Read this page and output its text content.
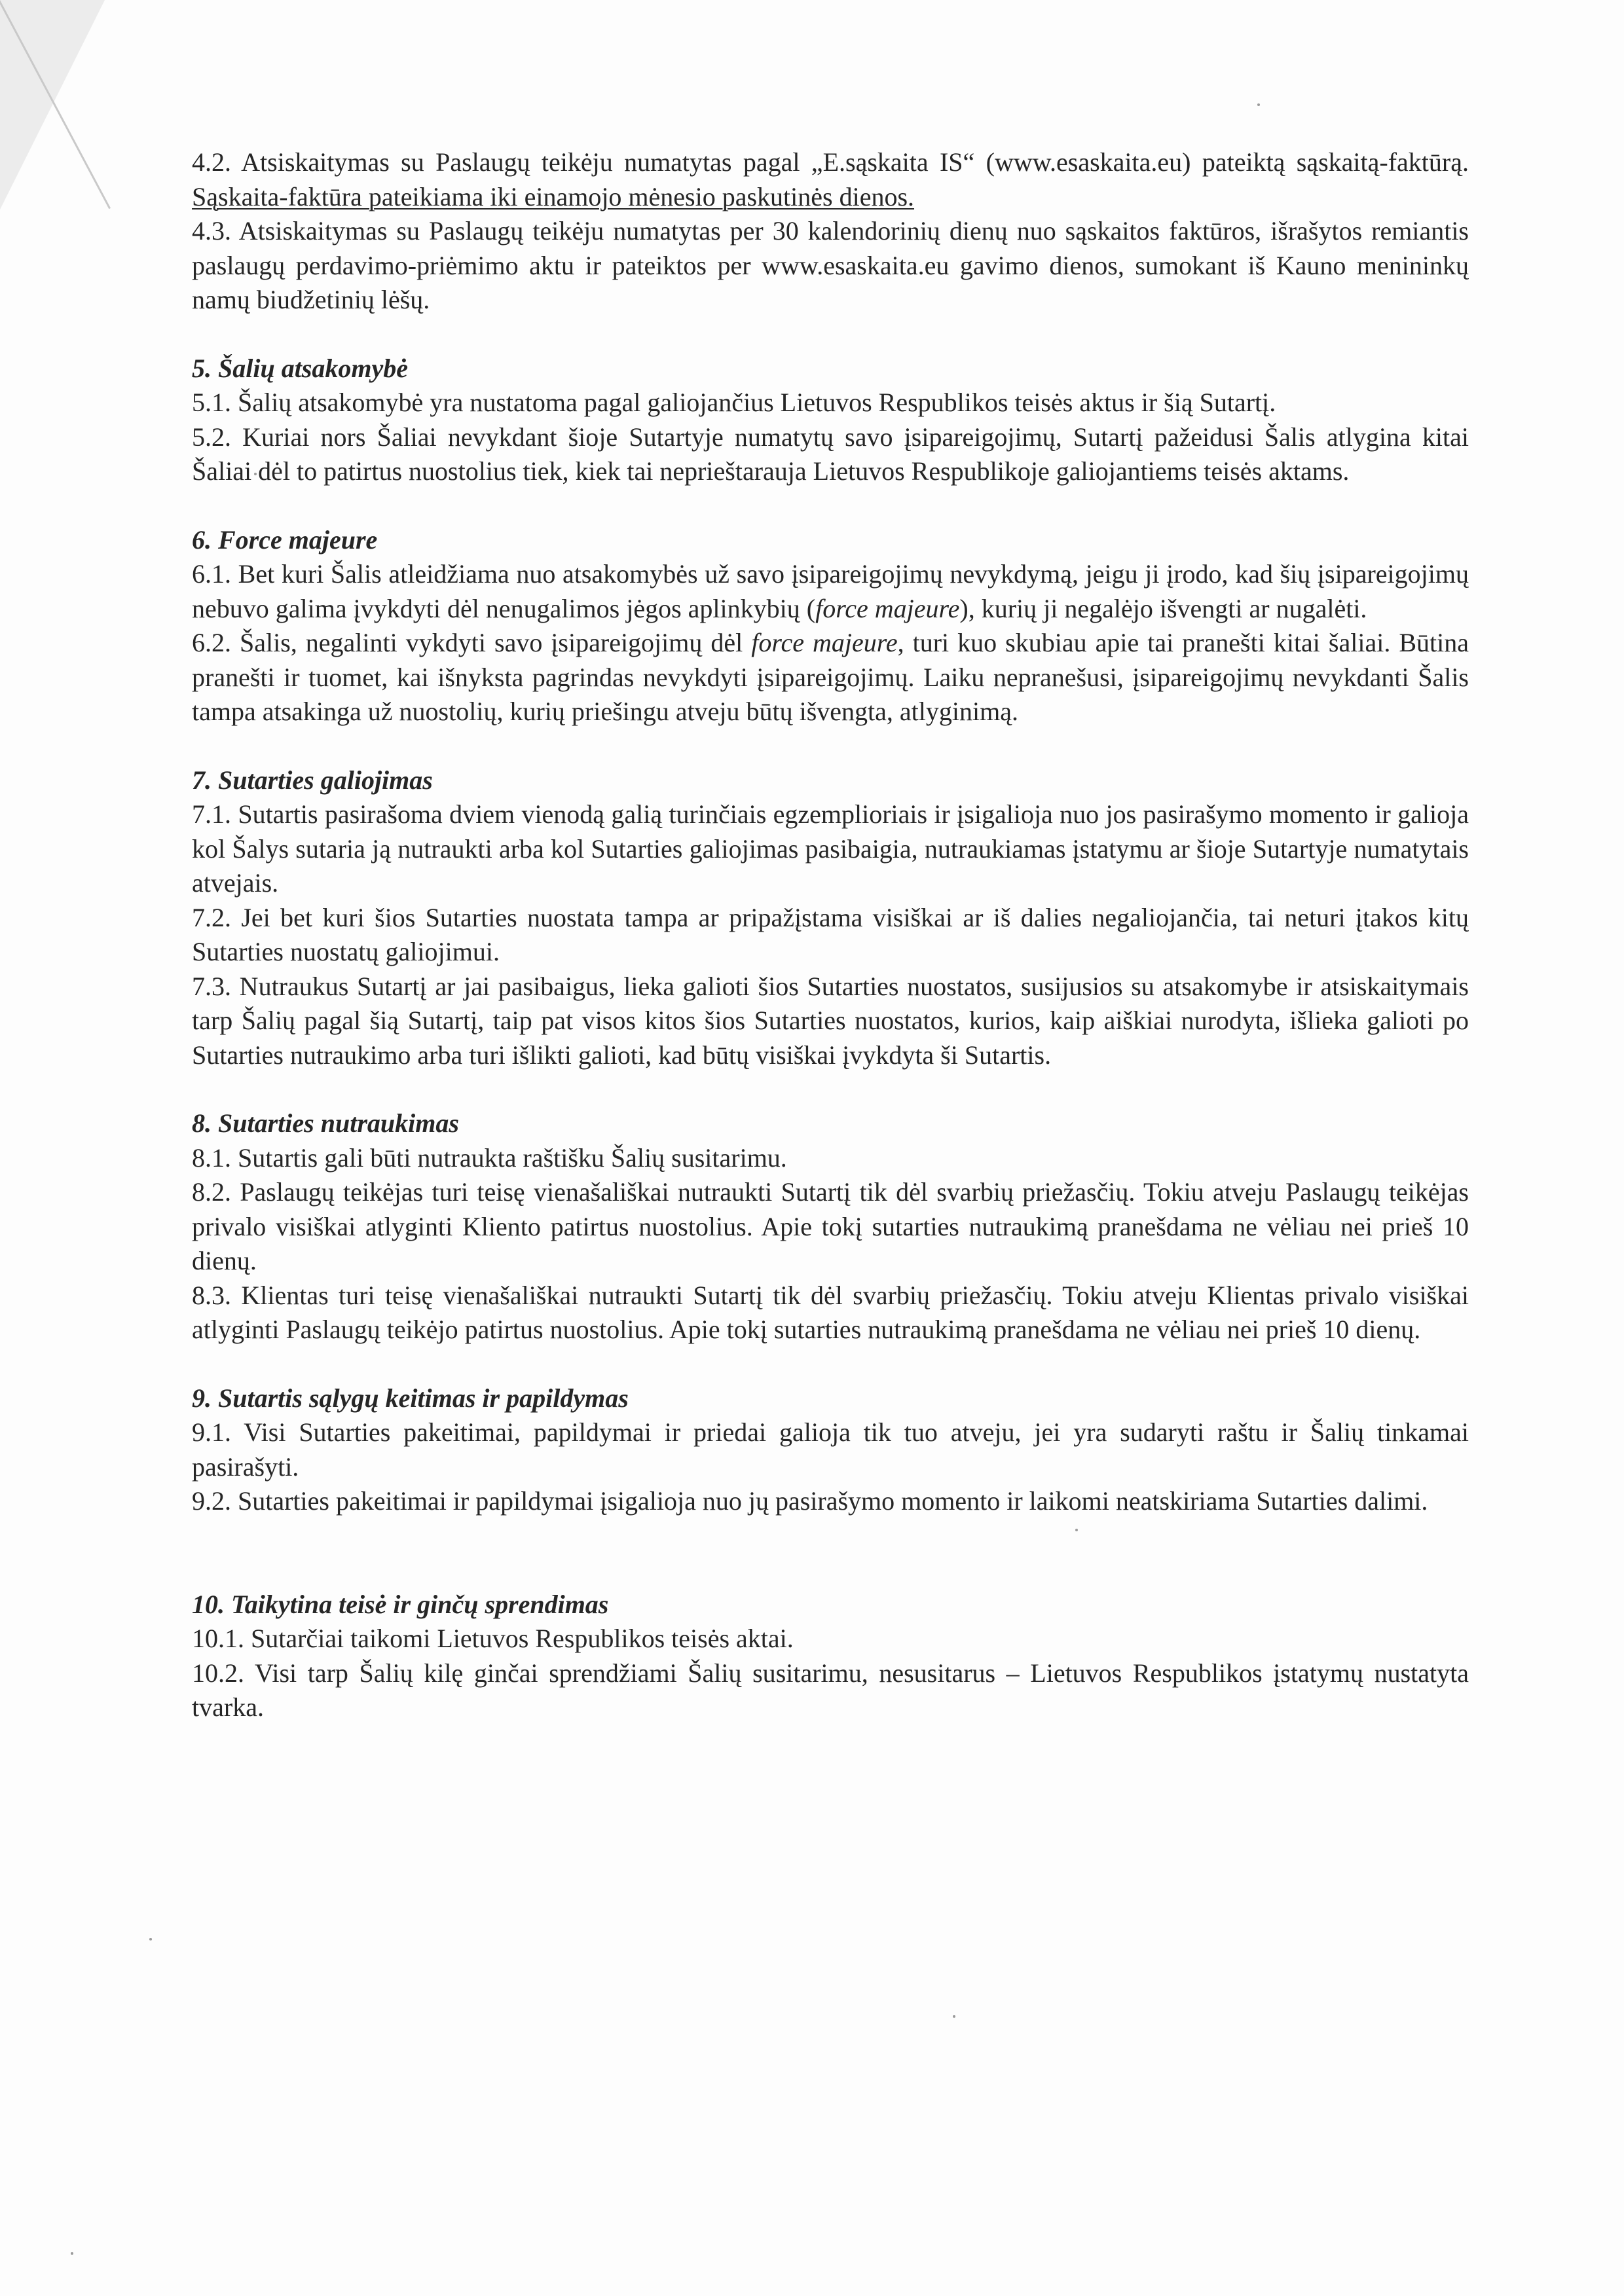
4.2. Atsiskaitymas su Paslaugų teikėju numatytas pagal „E.sąskaita IS“ (www.esaskaita.eu) pateiktą sąskaitą-faktūrą. Sąskaita-faktūra pateikiama iki einamojo mėnesio paskutinės dienos.

4.3. Atsiskaitymas su Paslaugų teikėju numatytas per 30 kalendorinių dienų nuo sąskaitos faktūros, išrašytos remiantis paslaugų perdavimo-priėmimo aktu ir pateiktos per www.esaskaita.eu gavimo dienos, sumokant iš Kauno menininkų namų biudžetinių lėšų.

5. Šalių atsakomybė

5.1. Šalių atsakomybė yra nustatoma pagal galiojančius Lietuvos Respublikos teisės aktus ir šią Sutartį.

5.2. Kuriai nors Šaliai nevykdant šioje Sutartyje numatytų savo įsipareigojimų, Sutartį pažeidusi Šalis atlygina kitai Šaliai dėl to patirtus nuostolius tiek, kiek tai neprieštarauja Lietuvos Respublikoje galiojantiems teisės aktams.

6. Force majeure

6.1. Bet kuri Šalis atleidžiama nuo atsakomybės už savo įsipareigojimų nevykdymą, jeigu ji įrodo, kad šių įsipareigojimų nebuvo galima įvykdyti dėl nenugalimos jėgos aplinkybių (force majeure), kurių ji negalėjo išvengti ar nugalėti.

6.2. Šalis, negalinti vykdyti savo įsipareigojimų dėl force majeure, turi kuo skubiau apie tai pranešti kitai šaliai. Būtina pranešti ir tuomet, kai išnyksta pagrindas nevykdyti įsipareigojimų. Laiku nepranešusi, įsipareigojimų nevykdanti Šalis tampa atsakinga už nuostolių, kurių priešingu atveju būtų išvengta, atlyginimą.

7. Sutarties galiojimas

7.1. Sutartis pasirašoma dviem vienodą galią turinčiais egzemplioriais ir įsigalioja nuo jos pasirašymo momento ir galioja kol Šalys sutaria ją nutraukti arba kol Sutarties galiojimas pasibaigia, nutraukiamas įstatymu ar šioje Sutartyje numatytais atvejais.

7.2. Jei bet kuri šios Sutarties nuostata tampa ar pripažįstama visiškai ar iš dalies negaliojančia, tai neturi įtakos kitų Sutarties nuostatų galiojimui.

7.3. Nutraukus Sutartį ar jai pasibaigus, lieka galioti šios Sutarties nuostatos, susijusios su atsakomybe ir atsiskaitymais tarp Šalių pagal šią Sutartį, taip pat visos kitos šios Sutarties nuostatos, kurios, kaip aiškiai nurodyta, išlieka galioti po Sutarties nutraukimo arba turi išlikti galioti, kad būtų visiškai įvykdyta ši Sutartis.

8. Sutarties nutraukimas

8.1. Sutartis gali būti nutraukta raštišku Šalių susitarimu.

8.2. Paslaugų teikėjas turi teisę vienašališkai nutraukti Sutartį tik dėl svarbių priežasčių. Tokiu atveju Paslaugų teikėjas privalo visiškai atlyginti Kliento patirtus nuostolius. Apie tokį sutarties nutraukimą pranešdama ne vėliau nei prieš 10 dienų.

8.3. Klientas turi teisę vienašališkai nutraukti Sutartį tik dėl svarbių priežasčių. Tokiu atveju Klientas privalo visiškai atlyginti Paslaugų teikėjo patirtus nuostolius. Apie tokį sutarties nutraukimą pranešdama ne vėliau nei prieš 10 dienų.

9. Sutartis sąlygų keitimas ir papildymas

9.1. Visi Sutarties pakeitimai, papildymai ir priedai galioja tik tuo atveju, jei yra sudaryti raštu ir Šalių tinkamai pasirašyti.

9.2. Sutarties pakeitimai ir papildymai įsigalioja nuo jų pasirašymo momento ir laikomi neatskiriama Sutarties dalimi.

10. Taikytina teisė ir ginčų sprendimas

10.1. Sutarčiai taikomi Lietuvos Respublikos teisės aktai.

10.2. Visi tarp Šalių kilę ginčai sprendžiami Šalių susitarimu, nesusitarus – Lietuvos Respublikos įstatymų nustatyta tvarka.
